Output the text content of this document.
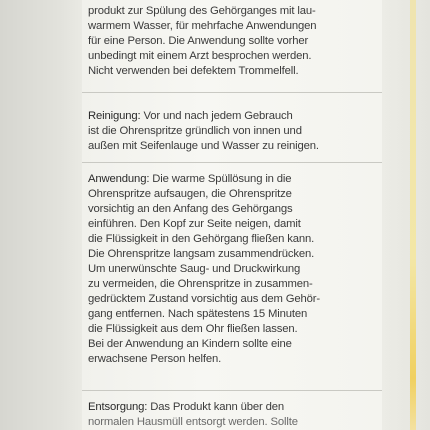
produkt zur Spülung des Gehörganges mit lau-
warmem Wasser, für mehrfache Anwendungen
für eine Person. Die Anwendung sollte vorher
unbedingt mit einem Arzt besprochen werden.
Nicht verwenden bei defektem Trommelfell.
Reinigung: Vor und nach jedem Gebrauch
ist die Ohrenspritze gründlich von innen und
außen mit Seifenlauge und Wasser zu reinigen.
Anwendung: Die warme Spüllösung in die
Ohrenspritze aufsaugen, die Ohrenspritze
vorsichtig an den Anfang des Gehörgangs
einführen. Den Kopf zur Seite neigen, damit
die Flüssigkeit in den Gehörgang fließen kann.
Die Ohrenspritze langsam zusammendrücken.
Um unerwünschte Saug- und Druckwirkung
zu vermeiden, die Ohrenspritze in zusammen-
gedrücktem Zustand vorsichtig aus dem Gehör-
gang entfernen. Nach spätestens 15 Minuten
die Flüssigkeit aus dem Ohr fließen lassen.
Bei der Anwendung an Kindern sollte eine
erwachsene Person helfen.
Entsorgung: Das Produkt kann über den
normalen Hausmüll entsorgt werden. Sollte
